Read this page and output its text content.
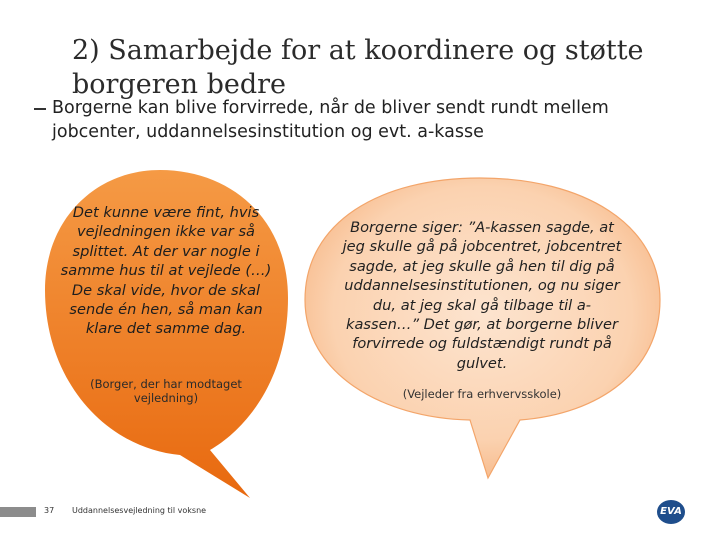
2) Samarbejde for at koordinere og støtte borgeren bedre
Borgerne kan blive forvirrede, når de bliver sendt rundt mellem jobcenter, uddannelsesinstitution og evt. a-kasse
Det kunne være fint, hvis vejledningen ikke var så splittet. At der var nogle i samme hus til at vejlede (…) De skal vide, hvor de skal sende én hen, så man kan klare det samme dag.
(Borger, der har modtaget vejledning)
Borgerne siger: ”A-kassen sagde, at jeg skulle gå på jobcentret, jobcentret sagde, at jeg skulle gå hen til dig på uddannelsesinstitutionen, og nu siger du, at jeg skal gå tilbage til a-kassen…” Det gør, at borgerne bliver forvirrede og fuldstændigt rundt på gulvet.
(Vejleder fra erhvervsskole)
37 Uddannelsesvejledning til voksne	EVA
